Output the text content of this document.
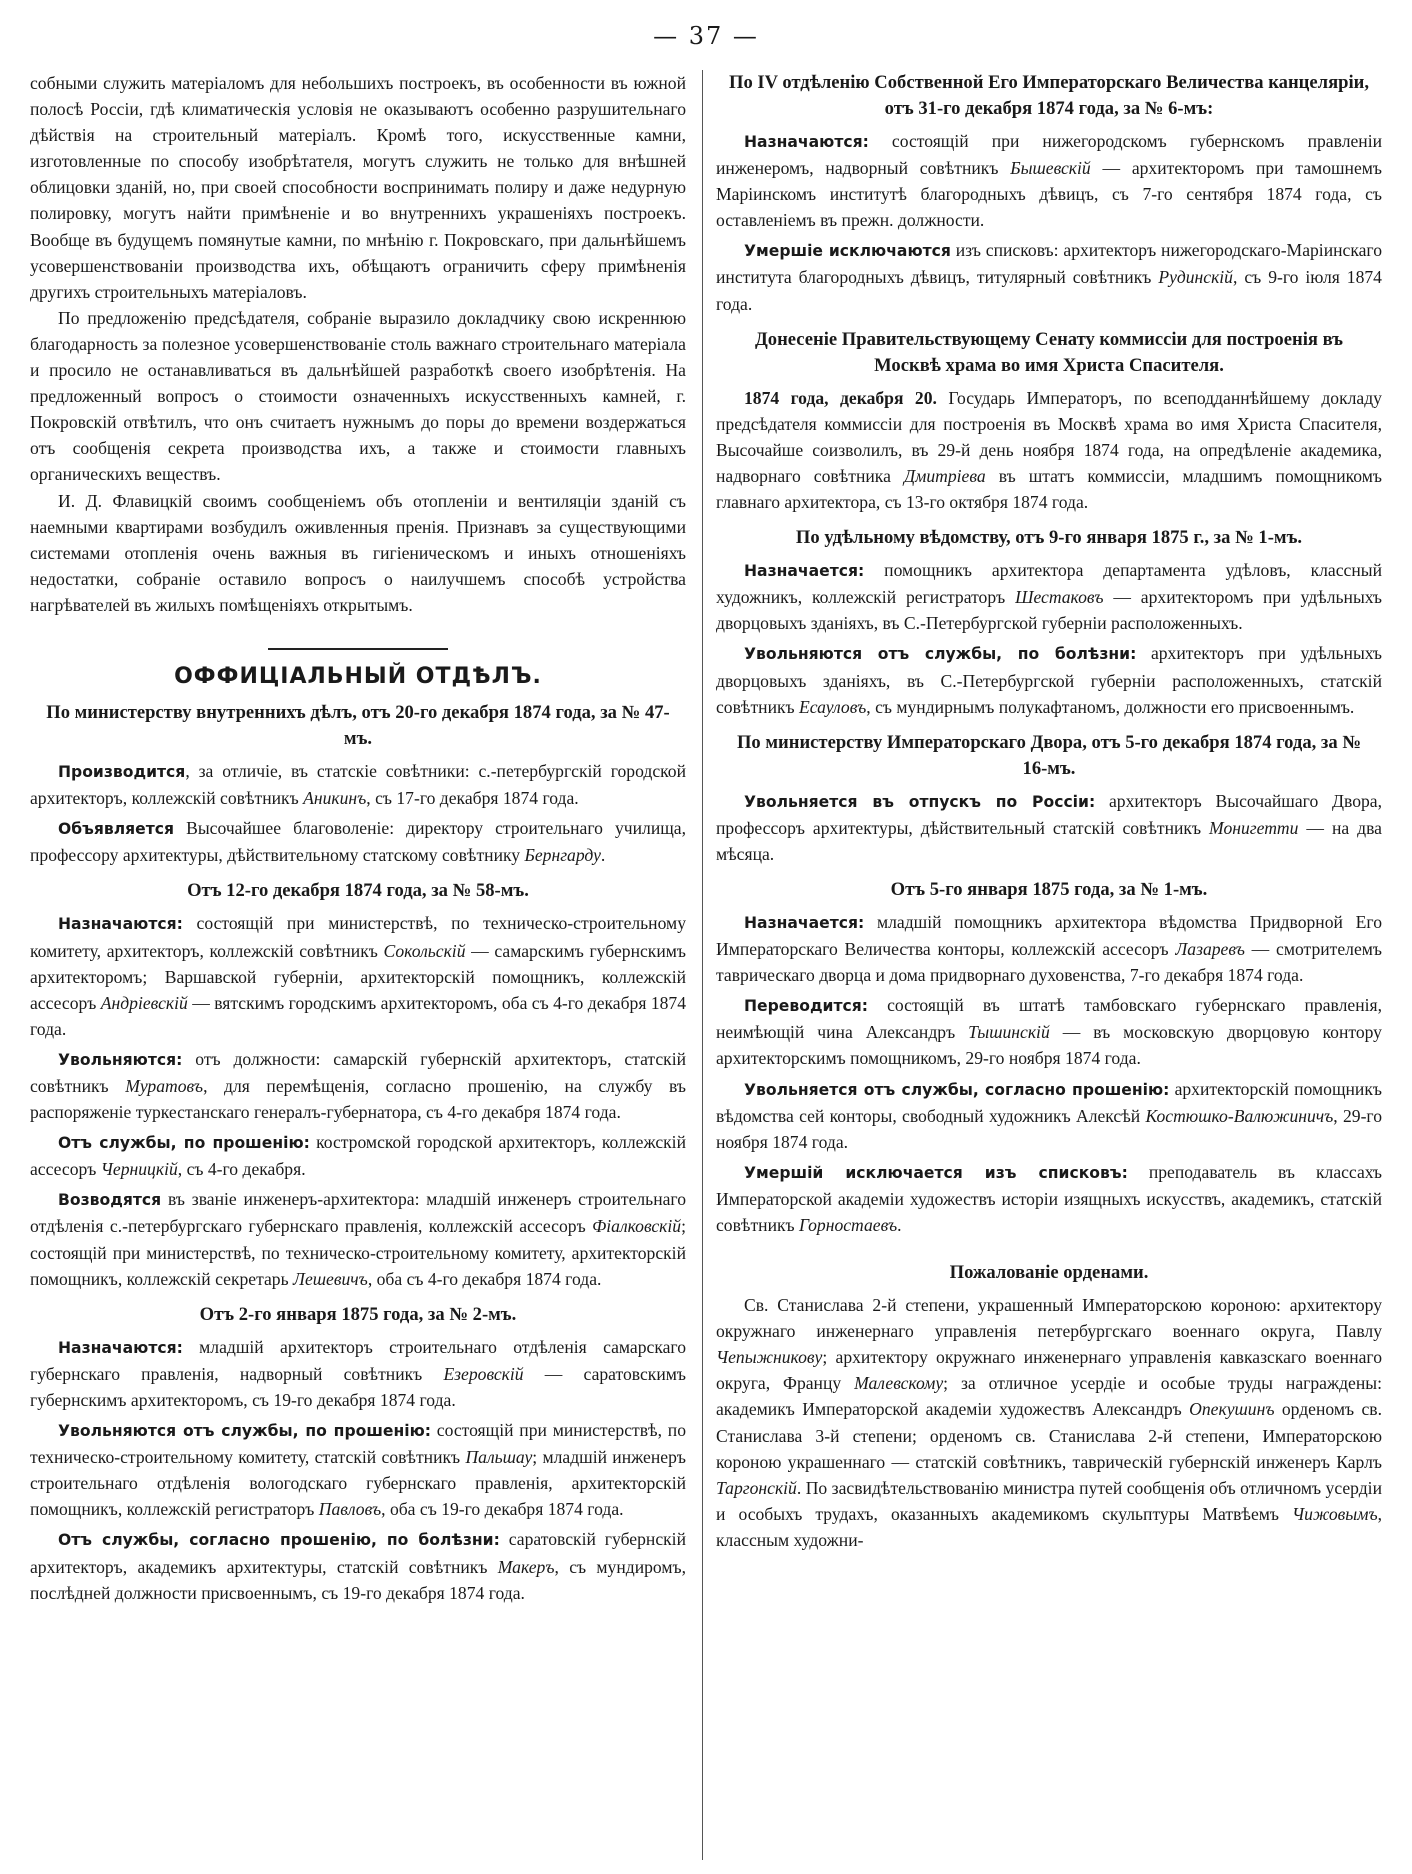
— 37 —

собными служить матеріаломъ для небольшихъ построекъ, въ особенности въ южной полосѣ Россіи, гдѣ климатическія условія не оказываютъ особенно разрушительнаго дѣйствія на строительный матеріалъ. Кромѣ того, искусственные камни, изготовленные по способу изобрѣтателя, могутъ служить не только для внѣшней облицовки зданій, но, при своей способности воспринимать полиру и даже недурную полировку, могутъ найти примѣненіе и во внутреннихъ украшеніяхъ построекъ. Вообще въ будущемъ помянутые камни, по мнѣнію г. Покровскаго, при дальнѣйшемъ усовершенствованіи производства ихъ, обѣщаютъ ограничить сферу примѣненія другихъ строительныхъ матеріаловъ.

По предложенію предсѣдателя, собраніе выразило докладчику свою искреннюю благодарность за полезное усовершенствованіе столь важнаго строительнаго матеріала и просило не останавливаться въ дальнѣйшей разработкѣ своего изобрѣтенія. На предложенный вопросъ о стоимости означенныхъ искусственныхъ камней, г. Покровскій отвѣтилъ, что онъ считаетъ нужнымъ до поры до времени воздержаться отъ сообщенія секрета производства ихъ, а также и стоимости главныхъ органическихъ веществъ.

И. Д. Флавицкій своимъ сообщеніемъ объ отопленіи и вентиляціи зданій съ наемными квартирами возбудилъ оживленныя пренія. Признавъ за существующими системами отопленія очень важныя въ гигіеническомъ и иныхъ отношеніяхъ недостатки, собраніе оставило вопросъ о наилучшемъ способѣ устройства нагрѣвателей въ жилыхъ помѣщеніяхъ открытымъ.

ОФФИЦІАЛЬНЫЙ ОТДѢЛЪ.
По министерству внутреннихъ дѣлъ, отъ 20-го декабря 1874 года, за № 47-мъ.

Производится, за отличіе, въ статскіе совѣтники: с.-петербургскій городской архитекторъ, коллежскій совѣтникъ Аникинъ, съ 17-го декабря 1874 года.

Объявляется Высочайшее благоволеніе: директору строительнаго училища, профессору архитектуры, дѣйствительному статскому совѣтнику Бернгарду.

Отъ 12-го декабря 1874 года, за № 58-мъ.

Назначаются: состоящій при министерствѣ, по техническо-строительному комитету, архитекторъ, коллежскій совѣтникъ Сокольскій — самарскимъ губернскимъ архитекторомъ; Варшавской губерніи, архитекторскій помощникъ, коллежскій ассесоръ Андріевскій — вятскимъ городскимъ архитекторомъ, оба съ 4-го декабря 1874 года.

Увольняются: отъ должности: самарскій губернскій архитекторъ, статскій совѣтникъ Муратовъ, для перемѣщенія, согласно прошенію, на службу въ распоряженіе туркестанскаго генералъ-губернатора, съ 4-го декабря 1874 года.

Отъ службы, по прошенію: костромской городской архитекторъ, коллежскій ассесоръ Черницкій, съ 4-го декабря.

Возводятся въ званіе инженеръ-архитектора: младшій инженеръ строительнаго отдѣленія с.-петербургскаго губернскаго правленія, коллежскій ассесоръ Фіалковскій; состоящій при министерствѣ, по техническо-строительному комитету, архитекторскій помощникъ, коллежскій секретарь Лешевичъ, оба съ 4-го декабря 1874 года.

Отъ 2-го января 1875 года, за № 2-мъ.

Назначаются: младшій архитекторъ строительнаго отдѣленія самарскаго губернскаго правленія, надворный совѣтникъ Езеровскій — саратовскимъ губернскимъ архитекторомъ, съ 19-го декабря 1874 года.

Увольняются отъ службы, по прошенію: состоящій при министерствѣ, по техническо-строительному комитету, статскій совѣтникъ Пальшау; младшій инженеръ строительнаго отдѣленія вологодскаго губернскаго правленія, архитекторскій помощникъ, коллежскій регистраторъ Павловъ, оба съ 19-го декабря 1874 года.

Отъ службы, согласно прошенію, по болѣзни: саратовскій губернскій архитекторъ, академикъ архитектуры, статскій совѣтникъ Макеръ, съ мундиромъ, послѣдней должности присвоеннымъ, съ 19-го декабря 1874 года.

По IV отдѣленію Собственной Его Императорскаго Величества канцеляріи, отъ 31-го декабря 1874 года, за № 6-мъ:

Назначаются: состоящій при нижегородскомъ губернскомъ правленіи инженеромъ, надворный совѣтникъ Бышевскій — архитекторомъ при тамошнемъ Маріинскомъ институтѣ благородныхъ дѣвицъ, съ 7-го сентября 1874 года, съ оставленіемъ въ прежн. должности.

Умершіе исключаются изъ списковъ: архитекторъ нижегородскаго-Маріинскаго института благородныхъ дѣвицъ, титулярный совѣтникъ Рудинскій, съ 9-го іюля 1874 года.

Донесеніе Правительствующему Сенату коммиссіи для построенія въ Москвѣ храма во имя Христа Спасителя.

1874 года, декабря 20. Государь Императоръ, по всеподданнѣйшему докладу предсѣдателя коммиссіи для построенія въ Москвѣ храма во имя Христа Спасителя, Высочайше соизволилъ, въ 29-й день ноября 1874 года, на опредѣленіе академика, надворнаго совѣтника Дмитріева въ штатъ коммиссіи, младшимъ помощникомъ главнаго архитектора, съ 13-го октября 1874 года.

По удѣльному вѣдомству, отъ 9-го января 1875 г., за № 1-мъ.

Назначается: помощникъ архитектора департамента удѣловъ, классный художникъ, коллежскій регистраторъ Шестаковъ — архитекторомъ при удѣльныхъ дворцовыхъ зданіяхъ, въ С.-Петербургской губерніи расположенныхъ.

Увольняются отъ службы, по болѣзни: архитекторъ при удѣльныхъ дворцовыхъ зданіяхъ, въ С.-Петербургской губерніи расположенныхъ, статскій совѣтникъ Есауловъ, съ мундирнымъ полукафтаномъ, должности его присвоеннымъ.

По министерству Императорскаго Двора, отъ 5-го декабря 1874 года, за № 16-мъ.

Увольняется въ отпускъ по Россіи: архитекторъ Высочайшаго Двора, профессоръ архитектуры, дѣйствительный статскій совѣтникъ Монигетти — на два мѣсяца.

Отъ 5-го января 1875 года, за № 1-мъ.

Назначается: младшій помощникъ архитектора вѣдомства Придворной Его Императорскаго Величества конторы, коллежскій ассесоръ Лазаревъ — смотрителемъ таврическаго дворца и дома придворнаго духовенства, 7-го декабря 1874 года.

Переводится: состоящій въ штатѣ тамбовскаго губернскаго правленія, неимѣющій чина Александръ Тышинскій — въ московскую дворцовую контору архитекторскимъ помощникомъ, 29-го ноября 1874 года.

Увольняется отъ службы, согласно прошенію: архитекторскій помощникъ вѣдомства сей конторы, свободный художникъ Алексѣй Костюшко-Валюжиничъ, 29-го ноября 1874 года.

Умершій исключается изъ списковъ: преподаватель въ классахъ Императорской академіи художествъ исторіи изящныхъ искусствъ, академикъ, статскій совѣтникъ Горностаевъ.

Пожалованіе орденами.

Св. Станислава 2-й степени, украшенный Императорскою короною: архитектору окружнаго инженернаго управленія петербургскаго военнаго округа, Павлу Чепыжникову; архитектору окружнаго инженернаго управленія кавказскаго военнаго округа, Францу Малевскому; за отличное усердіе и особые труды награждены: академикъ Императорской академіи художествъ Александръ Опекушинъ орденомъ св. Станислава 3-й степени; орденомъ св. Станислава 2-й степени, Императорскою короною украшеннаго — статскій совѣтникъ, таврическій губернскій инженеръ Карлъ Таргонскій. По засвидѣтельствованію министра путей сообщенія объ отличномъ усердіи и особыхъ трудахъ, оказанныхъ академикомъ скульптуры Матвѣемъ Чижовымъ, классным художни-
